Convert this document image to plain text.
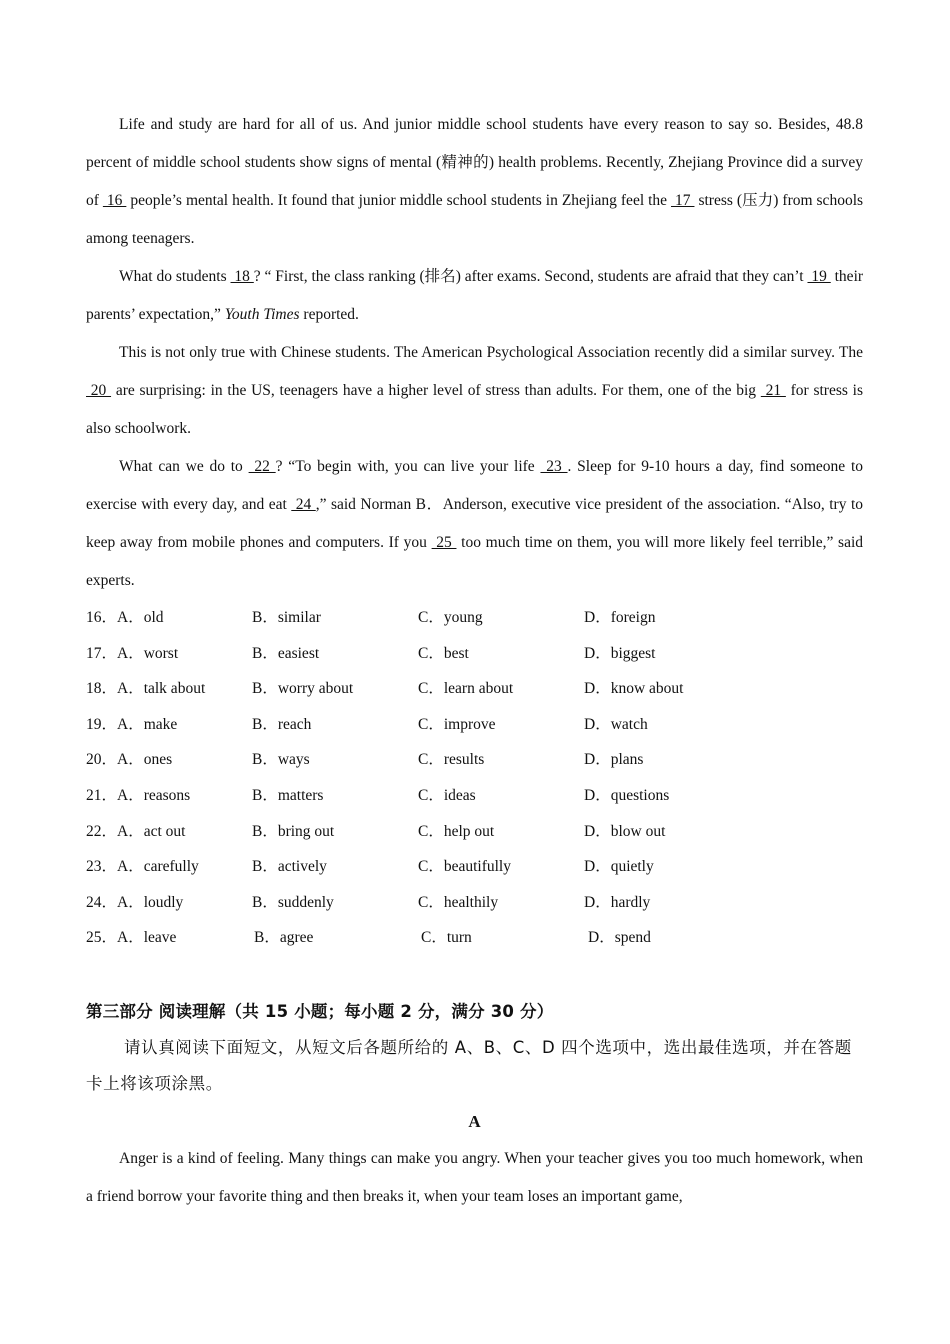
Life and study are hard for all of us. And junior middle school students have every reason to say so. Besides, 48.8 percent of middle school students show signs of mental (精神的) health problems. Recently, Zhejiang Province did a survey of  16  people’s mental health. It found that junior middle school students in Zhejiang feel the  17  stress (压力) from schools among teenagers.

What do students  18 ? “ First, the class ranking (排名) after exams. Second, students are afraid that they can’t  19  their parents’ expectation,” Youth Times reported.

This is not only true with Chinese students. The American Psychological Association recently did a similar survey. The  20  are surprising: in the US, teenagers have a higher level of stress than adults. For them, one of the big  21  for stress is also schoolwork.

What can we do to  22 ? “To begin with, you can live your life  23 . Sleep for 9-10 hours a day, find someone to exercise with every day, and eat  24 ,” said Norman B．Anderson, executive vice president of the association. “Also, try to keep away from mobile phones and computers. If you  25  too much time on them, you will more likely feel terrible,” said experts.

16．A．old	B．similar	C．young	D．foreign
17．A．worst	B．easiest	C．best	D．biggest
18．A．talk about	B．worry about	C．learn about	D．know about
19．A．make	B．reach	C．improve	D．watch
20．A．ones	B．ways	C．results	D．plans
21．A．reasons	B．matters	C．ideas	D．questions
22．A．act out	B．bring out	C．help out	D．blow out
23．A．carefully	B．actively	C．beautifully	D．quietly
24．A．loudly	B．suddenly	C．healthily	D．hardly
25．A．leave	B．agree	C．turn	D．spend
第三部分 阅读理解（共 15 小题；每小题 2 分，满分 30 分）

请认真阅读下面短文，从短文后各题所给的 A、B、C、D 四个选项中，选出最佳选项，并在答题卡上将该项涂黑。

A

Anger is a kind of feeling. Many things can make you angry. When your teacher gives you too much homework, when a friend borrow your favorite thing and then breaks it, when your team loses an important game,
